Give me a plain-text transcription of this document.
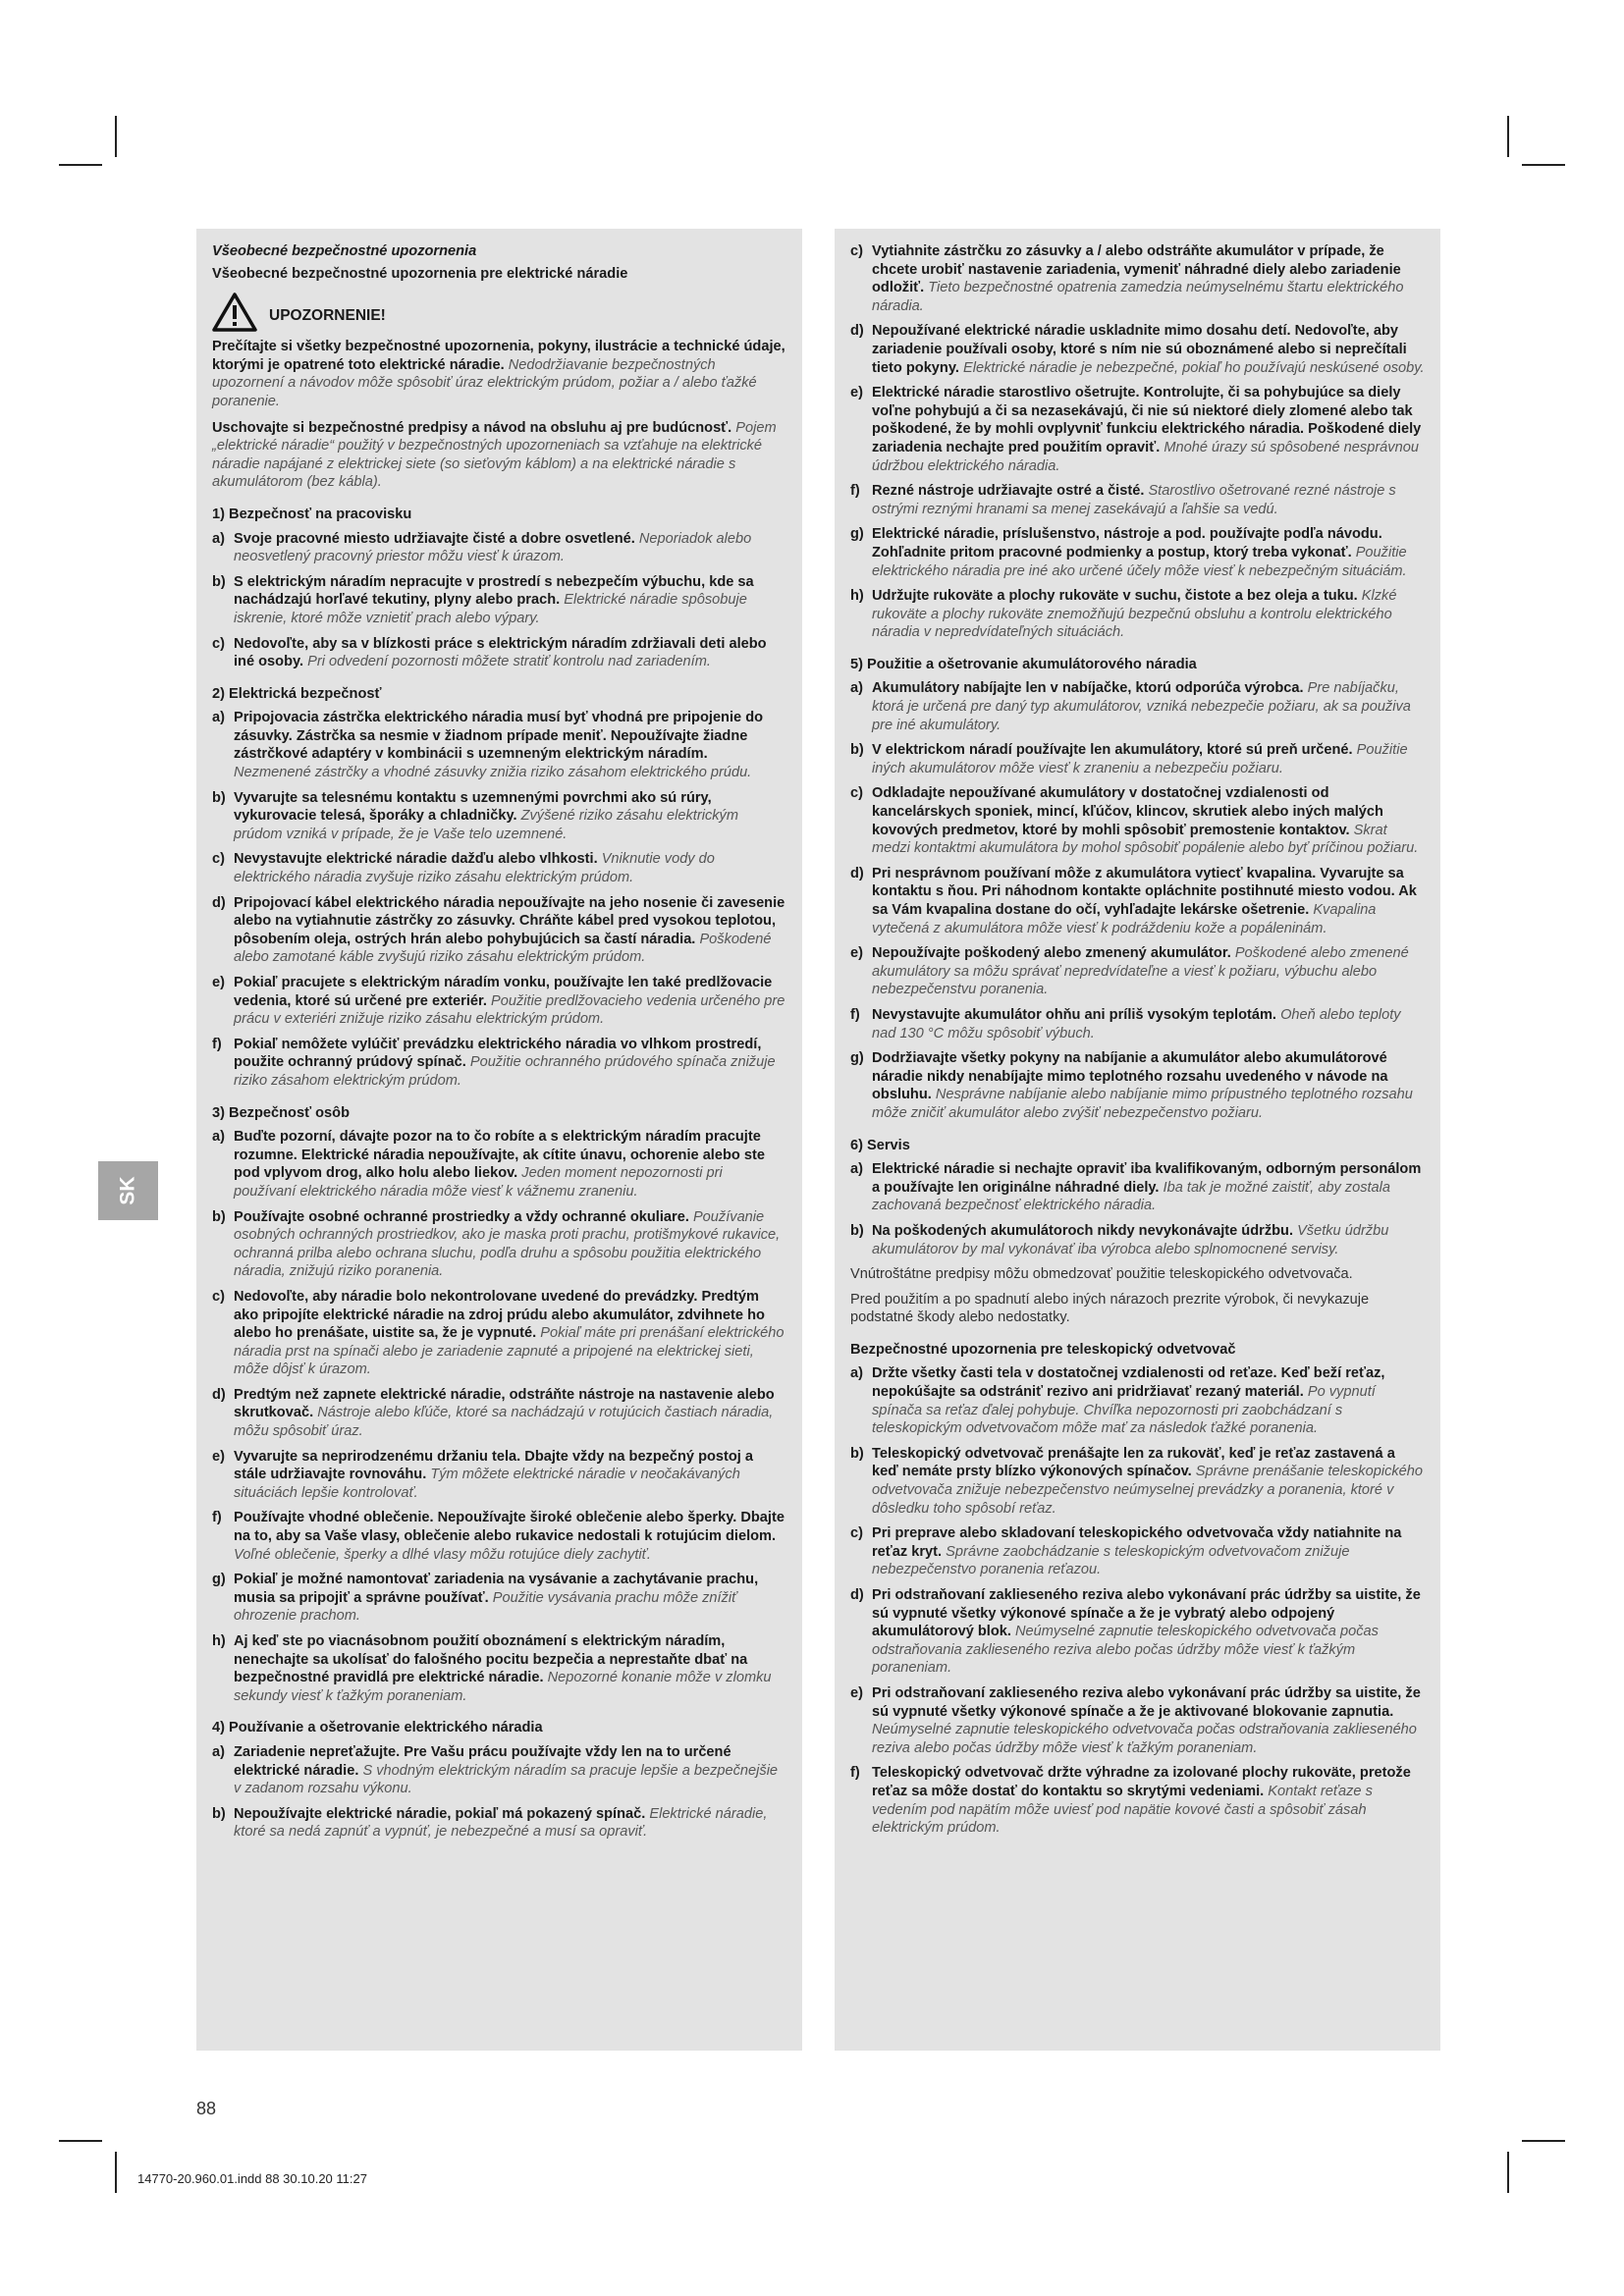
SK
Všeobecné bezpečnostné upozornenia
Všeobecné bezpečnostné upozornenia pre elektrické náradie
UPOZORNENIE!
Prečítajte si všetky bezpečnostné upozornenia, pokyny, ilustrácie a technické údaje, ktorými je opatrené toto elektrické náradie. Nedodržiavanie bezpečnostných upozornení a návodov môže spôsobiť úraz elektrickým prúdom, požiar a / alebo ťažké poranenie.
Uschovajte si bezpečnostné predpisy a návod na obsluhu aj pre budúcnosť. Pojem „elektrické náradie“ použitý v bezpečnostných upozorneniach sa vzťahuje na elektrické náradie napájané z elektrickej siete (so sieťovým káblom) a na elektrické náradie s akumulátorom (bez kábla).
1) Bezpečnosť na pracovisku
a) Svoje pracovné miesto udržiavajte čisté a dobre osvetlené. Neporiadok alebo neosvetlený pracovný priestor môžu viesť k úrazom.
b) S elektrickým náradím nepracujte v prostredí s nebezpečím výbuchu, kde sa nachádzajú horľavé tekutiny, plyny alebo prach. Elektrické náradie spôsobuje iskrenie, ktoré môže vznietiť prach alebo výpary.
c) Nedovoľte, aby sa v blízkosti práce s elektrickým náradím zdržiavali deti alebo iné osoby. Pri odvedení pozornosti môžete stratiť kontrolu nad zariadením.
2) Elektrická bezpečnosť
a) Pripojovacia zástrčka elektrického náradia musí byť vhodná pre pripojenie do zásuvky. Zástrčka sa nesmie v žiadnom prípade meniť. Nepoužívajte žiadne zástrčkové adaptéry v kombinácii s uzemneným elektrickým náradím. Nezmenené zástrčky a vhodné zásuvky znižia riziko zásahom elektrického prúdu.
b) Vyvarujte sa telesnému kontaktu s uzemnenými povrchmi ako sú rúry, vykurovacie telesá, šporáky a chladničky. Zvýšené riziko zásahu elektrickým prúdom vzniká v prípade, že je Vaše telo uzemnené.
c) Nevystavujte elektrické náradie dažďu alebo vlhkosti. Vniknutie vody do elektrického náradia zvyšuje riziko zásahu elektrickým prúdom.
d) Pripojovací kábel elektrického náradia nepoužívajte na jeho nosenie či zavesenie alebo na vytiahnutie zástrčky zo zásuvky. Chráňte kábel pred vysokou teplotou, pôsobením oleja, ostrých hrán alebo pohybujúcich sa častí náradia. Poškodené alebo zamotané káble zvyšujú riziko zásahu elektrickým prúdom.
e) Pokiaľ pracujete s elektrickým náradím vonku, používajte len také predlžovacie vedenia, ktoré sú určené pre exteriér. Použitie predlžovacieho vedenia určeného pre prácu v exteriéri znižuje riziko zásahu elektrickým prúdom.
f) Pokiaľ nemôžete vylúčiť prevádzku elektrického náradia vo vlhkom prostredí, použite ochranný prúdový spínač. Použitie ochranného prúdového spínača znižuje riziko zásahom elektrickým prúdom.
3) Bezpečnosť osôb
a) Buďte pozorní, dávajte pozor na to čo robíte a s elektrickým náradím pracujte rozumne. Elektrické náradia nepoužívajte, ak cítite únavu, ochorenie alebo ste pod vplyvom drog, alko holu alebo liekov. Jeden moment nepozornosti pri používaní elektrického náradia môže viesť k vážnemu zraneniu.
b) Používajte osobné ochranné prostriedky a vždy ochranné okuliare. Používanie osobných ochranných prostriedkov, ako je maska proti prachu, protišmykové rukavice, ochranná prilba alebo ochrana sluchu, podľa druhu a spôsobu použitia elektrického náradia, znižujú riziko poranenia.
c) Nedovoľte, aby náradie bolo nekontrolovane uvedené do prevádzky. Predtým ako pripojíte elektrické náradie na zdroj prúdu alebo akumulátor, zdvihnete ho alebo ho prenášate, uistite sa, že je vypnuté. Pokiaľ máte pri prenášaní elektrického náradia prst na spínači alebo je zariadenie zapnuté a pripojené na elektrickej sieti, môže dôjsť k úrazom.
d) Predtým než zapnete elektrické náradie, odstráňte nástroje na nastavenie alebo skrutkovač. Nástroje alebo kľúče, ktoré sa nachádzajú v rotujúcich častiach náradia, môžu spôsobiť úraz.
e) Vyvarujte sa neprirodzenému držaniu tela. Dbajte vždy na bezpečný postoj a stále udržiavajte rovnováhu. Tým môžete elektrické náradie v neočakávaných situáciách lepšie kontrolovať.
f) Používajte vhodné oblečenie. Nepoužívajte široké oblečenie alebo šperky. Dbajte na to, aby sa Vaše vlasy, oblečenie alebo rukavice nedostali k rotujúcim dielom. Voľné oblečenie, šperky a dlhé vlasy môžu rotujúce diely zachytiť.
g) Pokiaľ je možné namontovať zariadenia na vysávanie a zachytávanie prachu, musia sa pripojiť a správne používať. Použitie vysávania prachu môže znížiť ohrozenie prachom.
h) Aj keď ste po viacnásobnom použití oboznámení s elektrickým náradím, nenechajte sa ukolísať do falošného pocitu bezpečia a neprestaňte dbať na bezpečnostné pravidlá pre elektrické náradie. Nepozorné konanie môže v zlomku sekundy viesť k ťažkým poraneniam.
4) Používanie a ošetrovanie elektrického náradia
a) Zariadenie nepreťažujte. Pre Vašu prácu používajte vždy len na to určené elektrické náradie. S vhodným elektrickým náradím sa pracuje lepšie a bezpečnejšie v zadanom rozsahu výkonu.
b) Nepoužívajte elektrické náradie, pokiaľ má pokazený spínač. Elektrické náradie, ktoré sa nedá zapnúť a vypnúť, je nebezpečné a musí sa opraviť.
c) Vytiahnite zástrčku zo zásuvky a / alebo odstráňte akumulátor v prípade, že chcete urobiť nastavenie zariadenia, vymeniť náhradné diely alebo zariadenie odložiť. Tieto bezpečnostné opatrenia zamedzia neúmyselnému štartu elektrického náradia.
d) Nepoužívané elektrické náradie uskladnite mimo dosahu detí. Nedovoľte, aby zariadenie používali osoby, ktoré s ním nie sú oboznámené alebo si neprečítali tieto pokyny. Elektrické náradie je nebezpečné, pokiaľ ho používajú neskúsené osoby.
e) Elektrické náradie starostlivo ošetrujte. Kontrolujte, či sa pohybujúce sa diely voľne pohybujú a či sa nezasekávajú, či nie sú niektoré diely zlomené alebo tak poškodené, že by mohli ovplyvniť funkciu elektrického náradia. Poškodené diely zariadenia nechajte pred použitím opraviť. Mnohé úrazy sú spôsobené nesprávnou údržbou elektrického náradia.
f) Rezné nástroje udržiavajte ostré a čisté. Starostlivo ošetrované rezné nástroje s ostrými reznými hranami sa menej zasekávajú a ľahšie sa vedú.
g) Elektrické náradie, príslušenstvo, nástroje a pod. používajte podľa návodu. Zohľadnite pritom pracovné podmienky a postup, ktorý treba vykonať. Použitie elektrického náradia pre iné ako určené účely môže viesť k nebezpečným situáciám.
h) Udržujte rukoväte a plochy rukoväte v suchu, čistote a bez oleja a tuku. Klzké rukoväte a plochy rukoväte znemožňujú bezpečnú obsluhu a kontrolu elektrického náradia v nepredvídateľných situáciách.
5) Použitie a ošetrovanie akumulátorového náradia
a) Akumulátory nabíjajte len v nabíjačke, ktorú odporúča výrobca. Pre nabíjačku, ktorá je určená pre daný typ akumulátorov, vzniká nebezpečie požiaru, ak sa použiva pre iné akumulátory.
b) V elektrickom náradí používajte len akumulátory, ktoré sú preň určené. Použitie iných akumulátorov môže viesť k zraneniu a nebezpečiu požiaru.
c) Odkladajte nepoužívané akumulátory v dostatočnej vzdialenosti od kancelárskych sponiek, mincí, kľúčov, klincov, skrutiek alebo iných malých kovových predmetov, ktoré by mohli spôsobiť premostenie kontaktov. Skrat medzi kontaktmi akumulátora by mohol spôsobiť popálenie alebo byť príčinou požiaru.
d) Pri nesprávnom používaní môže z akumulátora vytiecť kvapalina. Vyvarujte sa kontaktu s ňou. Pri náhodnom kontakte opláchnite postihnuté miesto vodou. Ak sa Vám kvapalina dostane do očí, vyhľadajte lekárske ošetrenie. Kvapalina vytečená z akumulátora môže viesť k podráždeniu kože a popáleninám.
e) Nepoužívajte poškodený alebo zmenený akumulátor. Poškodené alebo zmenené akumulátory sa môžu správať nepredvídateľne a viesť k požiaru, výbuchu alebo nebezpečenstvu poranenia.
f) Nevystavujte akumulátor ohňu ani príliš vysokým teplotám. Oheň alebo teploty nad 130 °C môžu spôsobiť výbuch.
g) Dodržiavajte všetky pokyny na nabíjanie a akumulátor alebo akumulátorové náradie nikdy nenabíjajte mimo teplotného rozsahu uvedeného v návode na obsluhu. Nesprávne nabíjanie alebo nabíjanie mimo prípustného teplotného rozsahu môže zničiť akumulátor alebo zvýšiť nebezpečenstvo požiaru.
6) Servis
a) Elektrické náradie si nechajte opraviť iba kvalifikovaným, odborným personálom a používajte len originálne náhradné diely. Iba tak je možné zaistiť, aby zostala zachovaná bezpečnosť elektrického náradia.
b) Na poškodených akumulátoroch nikdy nevykonávajte údržbu. Všetku údržbu akumulátorov by mal vykonávať iba výrobca alebo splnomocnené servisy.
Vnútroštátne predpisy môžu obmedzovať použitie teleskopického odvetvovača.
Pred použitím a po spadnutí alebo iných nárazoch prezrite výrobok, či nevykazuje podstatné škody alebo nedostatky.
Bezpečnostné upozornenia pre teleskopický odvetvovač
a) Držte všetky časti tela v dostatočnej vzdialenosti od reťaze. Keď beží reťaz, nepokúšajte sa odstrániť rezivo ani pridržiavať rezaný materiál. Po vypnutí spínača sa reťaz ďalej pohybuje. Chvíľka nepozornosti pri zaobchádzaní s teleskopickým odvetvovačom môže mať za následok ťažké poranenia.
b) Teleskopický odvetvovač prenášajte len za rukoväť, keď je reťaz zastavená a keď nemáte prsty blízko výkonových spínačov. Správne prenášanie teleskopického odvetvovača znižuje nebezpečenstvo neúmyselnej prevádzky a poranenia, ktoré v dôsledku toho spôsobí reťaz.
c) Pri preprave alebo skladovaní teleskopického odvetvovača vždy natiahnite na reťaz kryt. Správne zaobchádzanie s teleskopickým odvetvovačom znižuje nebezpečenstvo poranenia reťazou.
d) Pri odstraňovaní zaklieseného reziva alebo vykonávaní prác údržby sa uistite, že sú vypnuté všetky výkonové spínače a že je vybratý alebo odpojený akumulátorový blok. Neúmyselné zapnutie teleskopického odvetvovača počas odstraňovania zaklieseného reziva alebo počas údržby môže viesť k ťažkým poraneniam.
e) Pri odstraňovaní zaklieseného reziva alebo vykonávaní prác údržby sa uistite, že sú vypnuté všetky výkonové spínače a že je aktivované blokovanie zapnutia. Neúmyselné zapnutie teleskopického odvetvovača počas odstraňovania zaklieseného reziva alebo počas údržby môže viesť k ťažkým poraneniam.
f) Teleskopický odvetvovač držte výhradne za izolované plochy rukoväte, pretože reťaz sa môže dostať do kontaktu so skrytými vedeniami. Kontakt reťaze s vedením pod napätím môže uviesť pod napätie kovové časti a spôsobiť zásah elektrickým prúdom.
88
14770-20.960.01.indd 88 30.10.20 11:27
